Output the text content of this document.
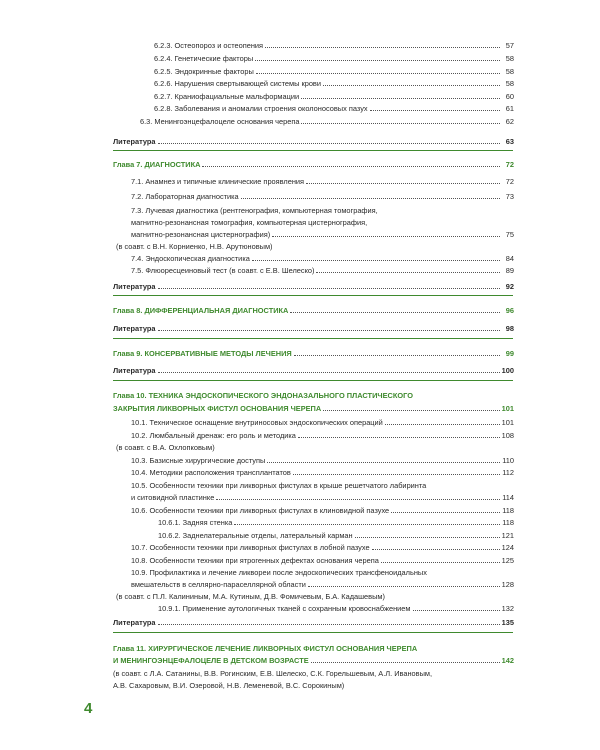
6.2.3. Остеопороз и остеопения	57
6.2.4. Генетические факторы	58
6.2.5. Эндокринные факторы	58
6.2.6. Нарушения свертывающей системы крови	58
6.2.7. Краниофациальные мальформации	60
6.2.8. Заболевания и аномалии строения околоносовых пазух	61
6.3. Менингоэнцефалоцеле основания черепа	62
Литература	63
Глава 7. ДИАГНОСТИКА	72
7.1. Анамнез и типичные клинические проявления	72
7.2. Лабораторная диагностика	73
7.3. Лучевая диагностика (рентгенография, компьютерная томография,
магнитно-резонансная томография, компьютерная цистернография,
магнитно-резонансная цистернография)	75
(в соавт. с В.Н. Корниенко, Н.В. Арутюновым)
7.4. Эндоскопическая диагностика	84
7.5. Флюоресцеиновый тест (в соавт. с Е.В. Шелеско)	89
Литература	92
Глава 8. ДИФФЕРЕНЦИАЛЬНАЯ ДИАГНОСТИКА	96
Литература	98
Глава 9. КОНСЕРВАТИВНЫЕ МЕТОДЫ ЛЕЧЕНИЯ	99
Литература	100
Глава 10. ТЕХНИКА ЭНДОСКОПИЧЕСКОГО ЭНДОНАЗАЛЬНОГО ПЛАСТИЧЕСКОГО
ЗАКРЫТИЯ ЛИКВОРНЫХ ФИСТУЛ ОСНОВАНИЯ ЧЕРЕПА	101
10.1. Техническое оснащение внутриносовых эндоскопических операций	101
10.2. Люмбальный дренаж: его роль и методика	108
(в соавт. с В.А. Охлопковым)
10.3. Базисные хирургические доступы	110
10.4. Методики расположения трансплантатов	112
10.5. Особенности техники при ликворных фистулах в крыше решетчатого лабиринта
и ситовидной пластинке	114
10.6. Особенности техники при ликворных фистулах в клиновидной пазухе	118
10.6.1. Задняя стенка	118
10.6.2. Заднелатеральные отделы, латеральный карман	121
10.7. Особенности техники при ликворных фистулах в лобной пазухе	124
10.8. Особенности техники при ятрогенных дефектах основания черепа	125
10.9. Профилактика и лечение ликвореи после эндоскопических трансфеноидальных
вмешательств в селлярно-параселлярной области	128
(в соавт. с П.Л. Калининым, М.А. Кутиным, Д.В. Фомичевым, Б.А. Кадашевым)
10.9.1. Применение аутологичных тканей с сохранным кровоснабжением	132
Литература	135
Глава 11. ХИРУРГИЧЕСКОЕ ЛЕЧЕНИЕ ЛИКВОРНЫХ ФИСТУЛ ОСНОВАНИЯ ЧЕРЕПА
И МЕНИНГОЭНЦЕФАЛОЦЕЛЕ В ДЕТСКОМ ВОЗРАСТЕ	142
(в соавт. с Л.А. Сатанины, В.В. Рогинским, Е.В. Шелеско, С.К. Горельшевым, А.Л. Ивановым,
А.В. Сахаровым, В.И. Озеровой, Н.В. Леменевой, В.С. Сорокиным)
4
